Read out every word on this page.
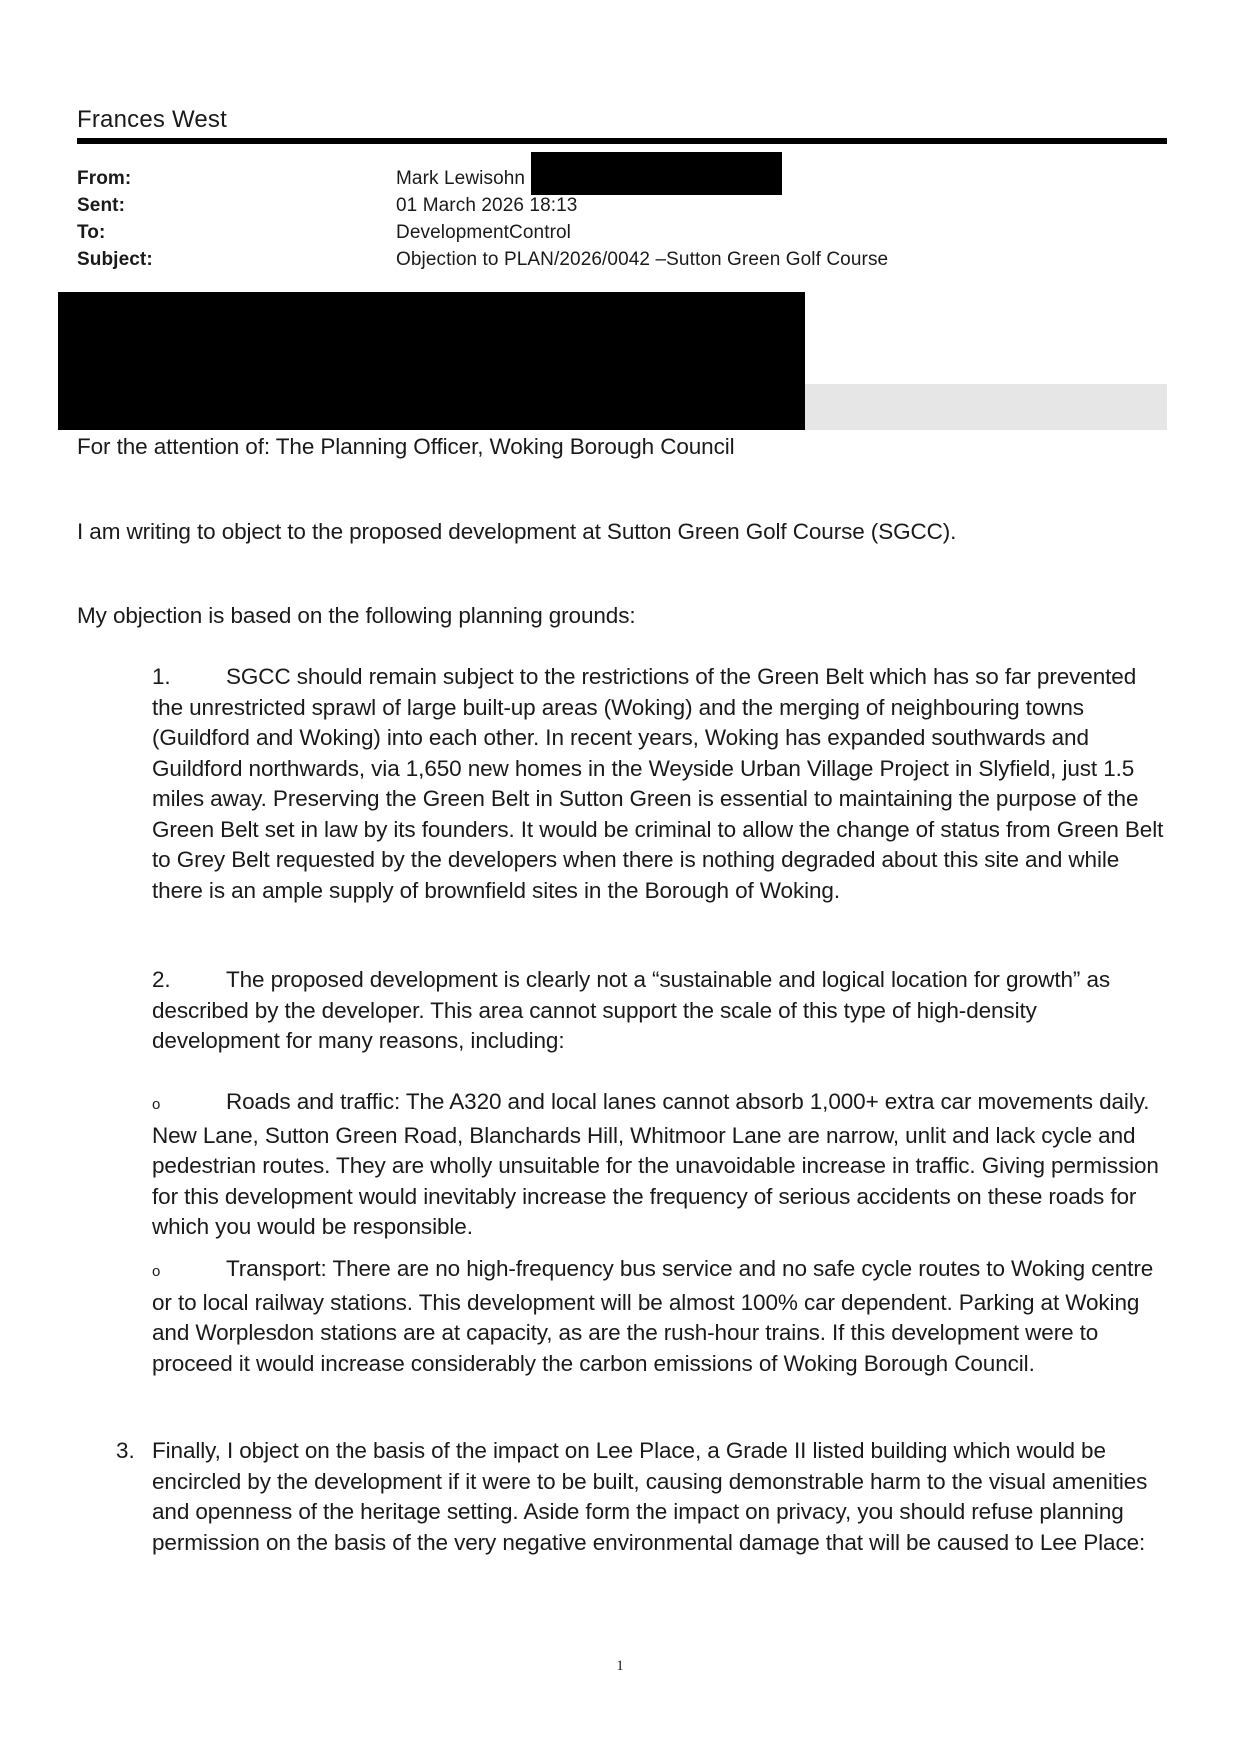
Frances West
From:	Mark Lewisohn
Sent:	01 March 2026 18:13
To:	DevelopmentControl
Subject:	Objection to PLAN/2026/0042 –Sutton Green Golf Course
For the attention of: The Planning Officer, Woking Borough Council
I am writing to object to the proposed development at Sutton Green Golf Course (SGCC).
My objection is based on the following planning grounds:
1. SGCC should remain subject to the restrictions of the Green Belt which has so far prevented the unrestricted sprawl of large built-up areas (Woking) and the merging of neighbouring towns (Guildford and Woking) into each other. In recent years, Woking has expanded southwards and Guildford northwards, via 1,650 new homes in the Weyside Urban Village Project in Slyfield, just 1.5 miles away. Preserving the Green Belt in Sutton Green is essential to maintaining the purpose of the Green Belt set in law by its founders. It would be criminal to allow the change of status from Green Belt to Grey Belt requested by the developers when there is nothing degraded about this site and while there is an ample supply of brownfield sites in the Borough of Woking.
2. The proposed development is clearly not a “sustainable and logical location for growth” as described by the developer. This area cannot support the scale of this type of high-density development for many reasons, including:
o	Roads and traffic: The A320 and local lanes cannot absorb 1,000+ extra car movements daily. New Lane, Sutton Green Road, Blanchards Hill, Whitmoor Lane are narrow, unlit and lack cycle and pedestrian routes. They are wholly unsuitable for the unavoidable increase in traffic. Giving permission for this development would inevitably increase the frequency of serious accidents on these roads for which you would be responsible.
o	Transport: There are no high-frequency bus service and no safe cycle routes to Woking centre or to local railway stations. This development will be almost 100% car dependent. Parking at Woking and Worplesdon stations are at capacity, as are the rush-hour trains. If this development were to proceed it would increase considerably the carbon emissions of Woking Borough Council.
3. Finally, I object on the basis of the impact on Lee Place, a Grade II listed building which would be encircled by the development if it were to be built, causing demonstrable harm to the visual amenities and openness of the heritage setting. Aside form the impact on privacy, you should refuse planning permission on the basis of the very negative environmental damage that will be caused to Lee Place:
1
